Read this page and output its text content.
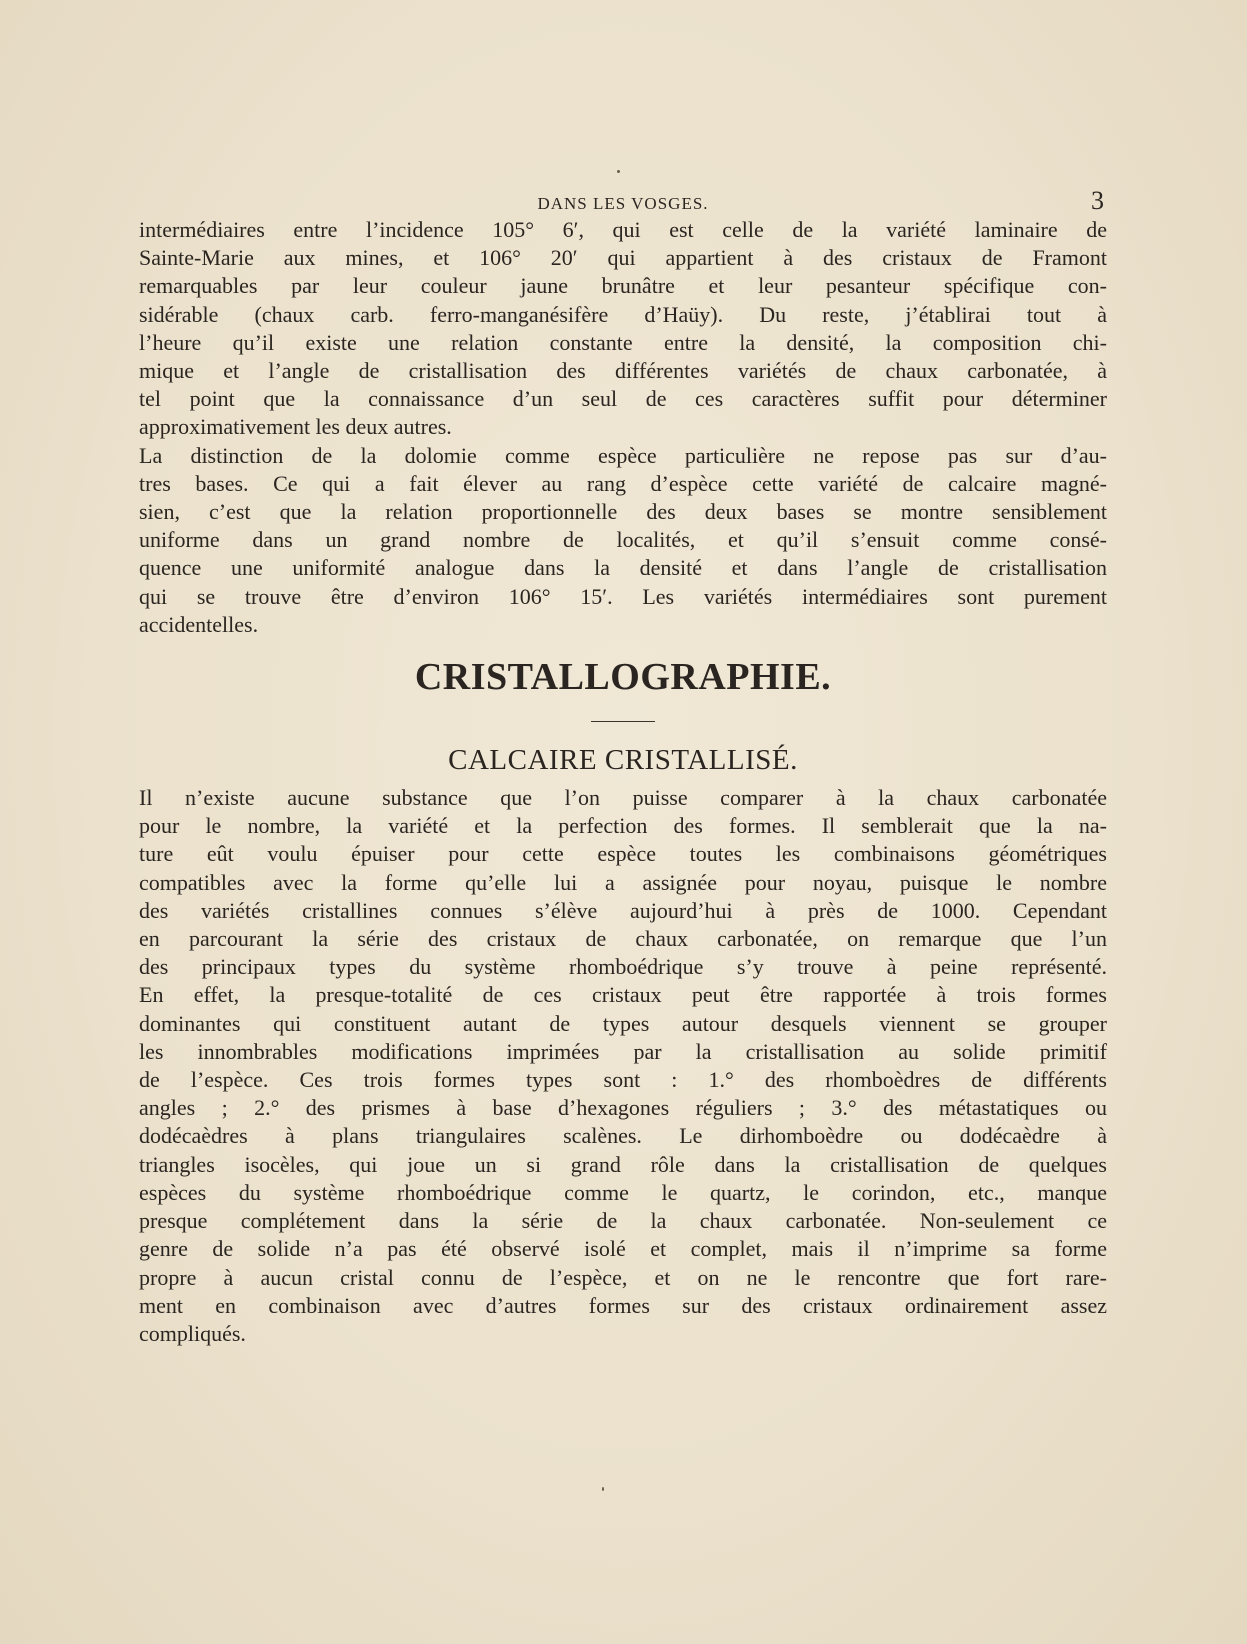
DANS LES VOSGES.	3

intermédiaires entre l’incidence 105° 6′, qui est celle de la variété laminaire de
Sainte-Marie aux mines, et 106° 20′ qui appartient à des cristaux de Framont
remarquables par leur couleur jaune brunâtre et leur pesanteur spécifique con-
sidérable (chaux carb. ferro-manganésifère d’Haüy). Du reste, j’établirai tout à
l’heure qu’il existe une relation constante entre la densité, la composition chi-
mique et l’angle de cristallisation des différentes variétés de chaux carbonatée, à
tel point que la connaissance d’un seul de ces caractères suffit pour déterminer
approximativement les deux autres.

La distinction de la dolomie comme espèce particulière ne repose pas sur d’au-
tres bases. Ce qui a fait élever au rang d’espèce cette variété de calcaire magné-
sien, c’est que la relation proportionnelle des deux bases se montre sensiblement
uniforme dans un grand nombre de localités, et qu’il s’ensuit comme consé-
quence une uniformité analogue dans la densité et dans l’angle de cristallisation
qui se trouve être d’environ 106° 15′. Les variétés intermédiaires sont purement
accidentelles.

CRISTALLOGRAPHIE.
CALCAIRE CRISTALLISÉ.

Il n’existe aucune substance que l’on puisse comparer à la chaux carbonatée
pour le nombre, la variété et la perfection des formes. Il semblerait que la na-
ture eût voulu épuiser pour cette espèce toutes les combinaisons géométriques
compatibles avec la forme qu’elle lui a assignée pour noyau, puisque le nombre
des variétés cristallines connues s’élève aujourd’hui à près de 1000. Cependant
en parcourant la série des cristaux de chaux carbonatée, on remarque que l’un
des principaux types du système rhomboédrique s’y trouve à peine représenté.
En effet, la presque-totalité de ces cristaux peut être rapportée à trois formes
dominantes qui constituent autant de types autour desquels viennent se grouper
les innombrables modifications imprimées par la cristallisation au solide primitif
de l’espèce. Ces trois formes types sont : 1.° des rhomboèdres de différents
angles ; 2.° des prismes à base d’hexagones réguliers ; 3.° des métastatiques ou
dodécaèdres à plans triangulaires scalènes. Le dirhomboèdre ou dodécaèdre à
triangles isocèles, qui joue un si grand rôle dans la cristallisation de quelques
espèces du système rhomboédrique comme le quartz, le corindon, etc., manque
presque complétement dans la série de la chaux carbonatée. Non-seulement ce
genre de solide n’a pas été observé isolé et complet, mais il n’imprime sa forme
propre à aucun cristal connu de l’espèce, et on ne le rencontre que fort rare-
ment en combinaison avec d’autres formes sur des cristaux ordinairement assez
compliqués.
